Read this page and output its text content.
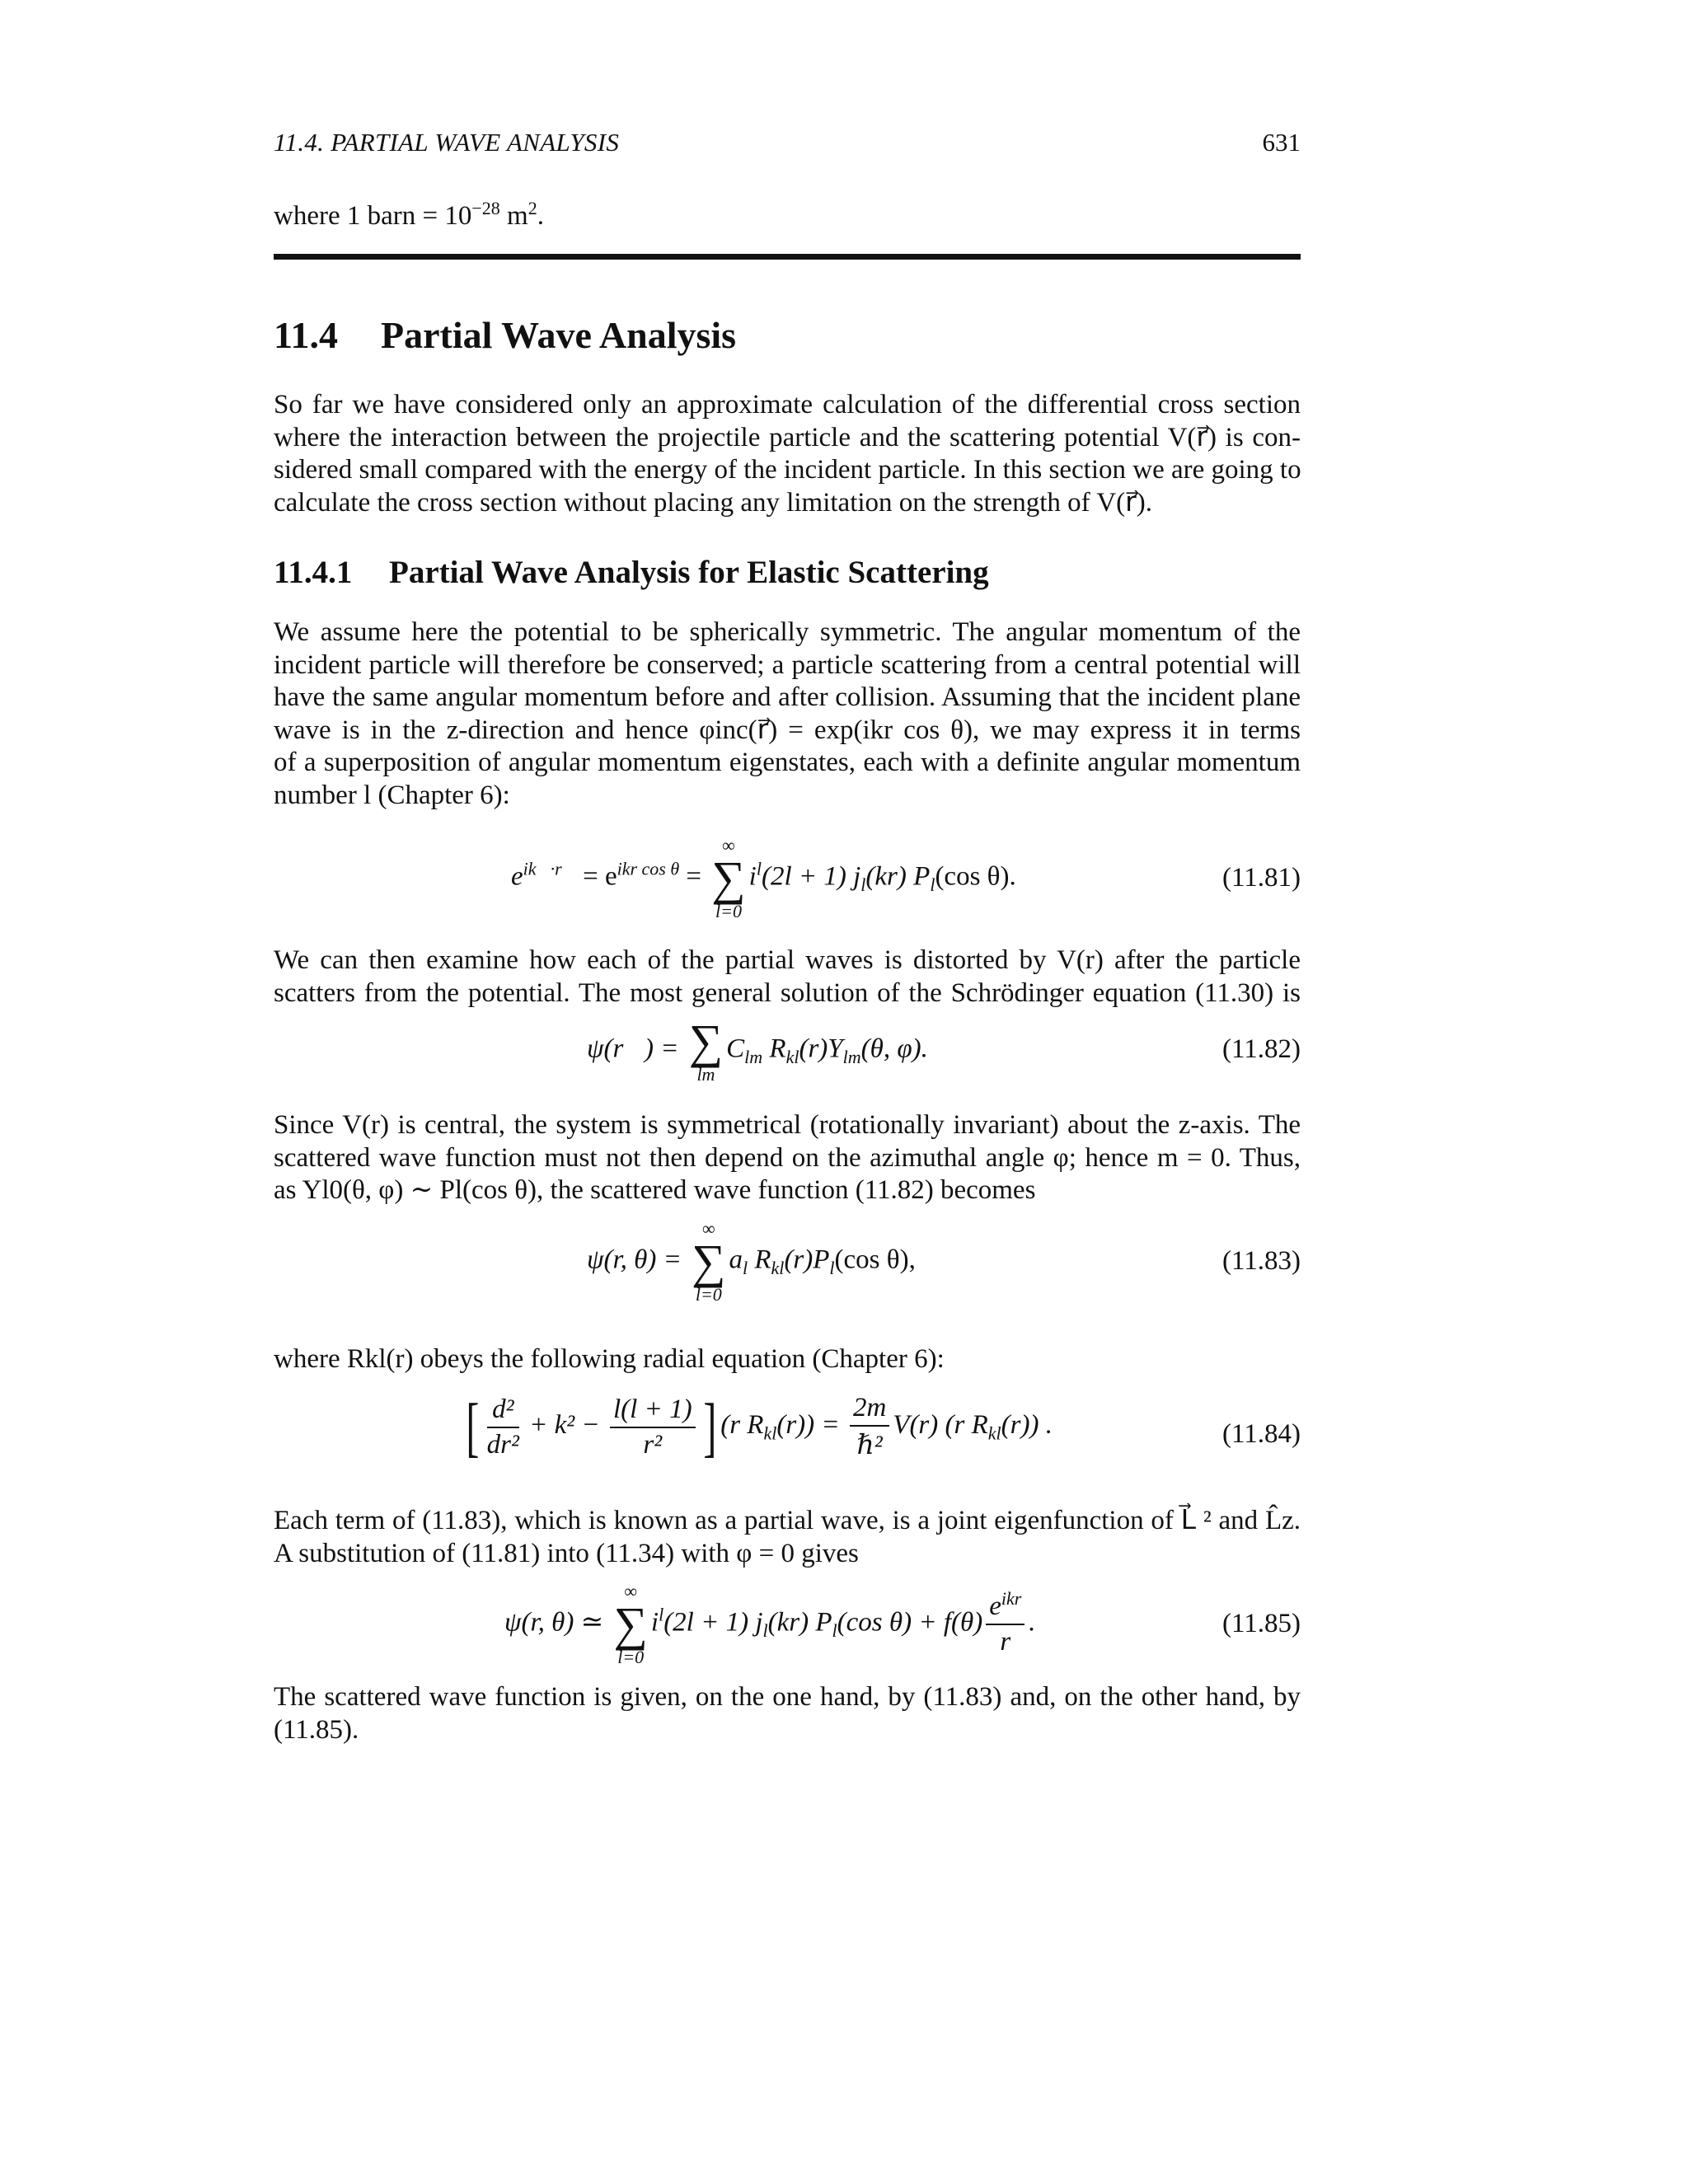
11.4. PARTIAL WAVE ANALYSIS	631
where 1 barn = $10^{-28}$ $m^2$.
11.4 Partial Wave Analysis
So far we have considered only an approximate calculation of the differential cross section
where the interaction between the projectile particle and the scattering potential V(r⃗) is con-
sidered small compared with the energy of the incident particle. In this section we are going to
calculate the cross section without placing any limitation on the strength of V(r⃗).
11.4.1 Partial Wave Analysis for Elastic Scattering
We assume here the potential to be spherically symmetric. The angular momentum of the
incident particle will therefore be conserved; a particle scattering from a central potential will
have the same angular momentum before and after collision. Assuming that the incident plane
wave is in the z-direction and hence φinc(r⃗) = exp(ikr cos θ), we may express it in terms
of a superposition of angular momentum eigenstates, each with a definite angular momentum
number l (Chapter 6):
$e^{ik⃗\cdot r⃗} = e^{ikr cos \theta}$ =
∞
∑
l=0
$i^l(2l + 1)$ $j_l(kr)$ $P_l(\cos$ θ).	(11.81)
We can then examine how each of the partial waves is distorted by V(r) after the particle
scatters from the potential. The most general solution of the Schrödinger equation (11.30) is
ψ(r⃗) = ∑
lm
$C_{lm}$ $R_{kl}(r)Y_{lm}(\theta$, φ).	(11.82)
Since V(r) is central, the system is symmetrical (rotationally invariant) about the z-axis. The
scattered wave function must not then depend on the azimuthal angle φ; hence m = 0. Thus,
as Yl0(θ, φ) ∼ Pl(cos θ), the scattered wave function (11.82) becomes
ψ(r, θ) =
∞
∑
l=0
$a_l$ $R_{kl}(r)P_l(\cos$ θ),	(11.83)
where Rkl(r) obeys the following radial equation (Chapter 6):
[ $\frac{\text{d²}}{\text{dr²}} + k^2 - \frac{l(l + 1)}{\text{r²}}$ ] (r $R_{kl}(r)) = \frac{2m}{\text{ℏ²}} V(r)$ (r $R_{kl}(r)$) .	(11.84)
Each term of (11.83), which is known as a partial wave, is a joint eigenfunction of L⃗ ² and L̂z.
A substitution of (11.81) into (11.34) with φ = 0 gives
ψ(r, θ) ≃
∞
∑
l=0
$i^l(2l + 1)$ $j_l(kr)$ $P_l(\cos$ $\theta) + f(\theta) \frac{e^{ikr}}{r}$ .	(11.85)
The scattered wave function is given, on the one hand, by (11.83) and, on the other hand, by
(11.85).
